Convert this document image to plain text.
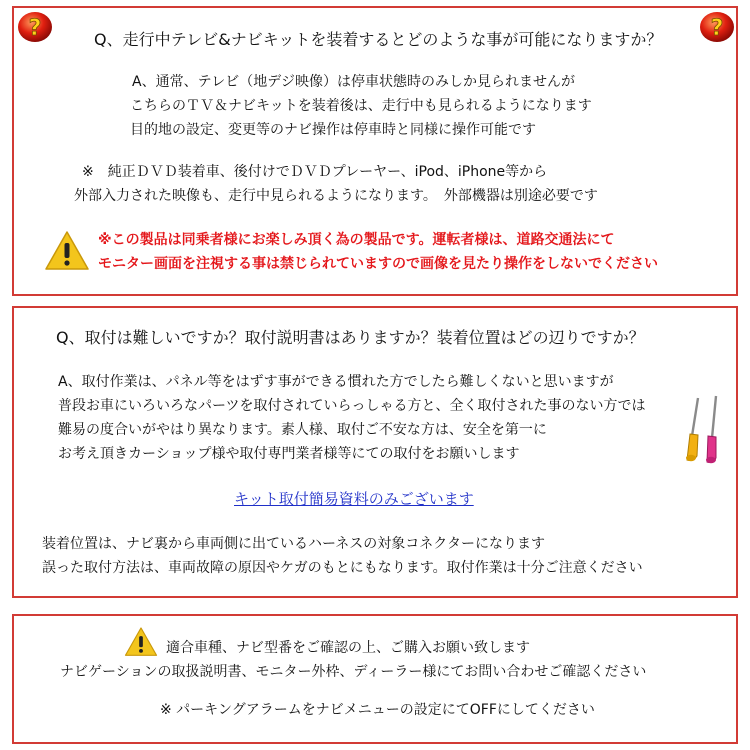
?	?
Q、走行中テレビ&ナビキットを装着するとどのような事が可能になりますか？
A、通常、テレビ（地デジ映像）は停車状態時のみしか見られませんが
こちらのＴＶ＆ナビキットを装着後は、走行中も見られるようになります
目的地の設定、変更等のナビ操作は停車時と同様に操作可能です
※　純正ＤＶＤ装着車、後付けでＤＶＤプレーヤー、iPod、iPhone等から
外部入力された映像も、走行中見られるようになります。　外部機器は別途必要です
※この製品は同乗者様にお楽しみ頂く為の製品です。運転者様は、道路交通法にて
モニター画面を注視する事は禁じられていますので画像を見たり操作をしないでください
Q、取付は難しいですか？取付説明書はありますか？装着位置はどの辺りですか？
A、取付作業は、パネル等をはずす事ができる慣れた方でしたら難しくないと思いますが
普段お車にいろいろなパーツを取付されていらっしゃる方と、全く取付された事のない方では
難易の度合いがやはり異なります。素人様、取付ご不安な方は、安全を第一に
お考え頂きカーショップ様や取付専門業者様等にての取付をお願いします
キット取付簡易資料のみございます
装着位置は、ナビ裏から車両側に出ているハーネスの対象コネクターになります
誤った取付方法は、車両故障の原因やケガのもとにもなります。取付作業は十分ご注意ください
適合車種、ナビ型番をご確認の上、ご購入お願い致します
ナビゲーションの取扱説明書、モニター外枠、ディーラー様にてお問い合わせご確認ください
※ パーキングアラームをナビメニューの設定にてOFFにしてください
